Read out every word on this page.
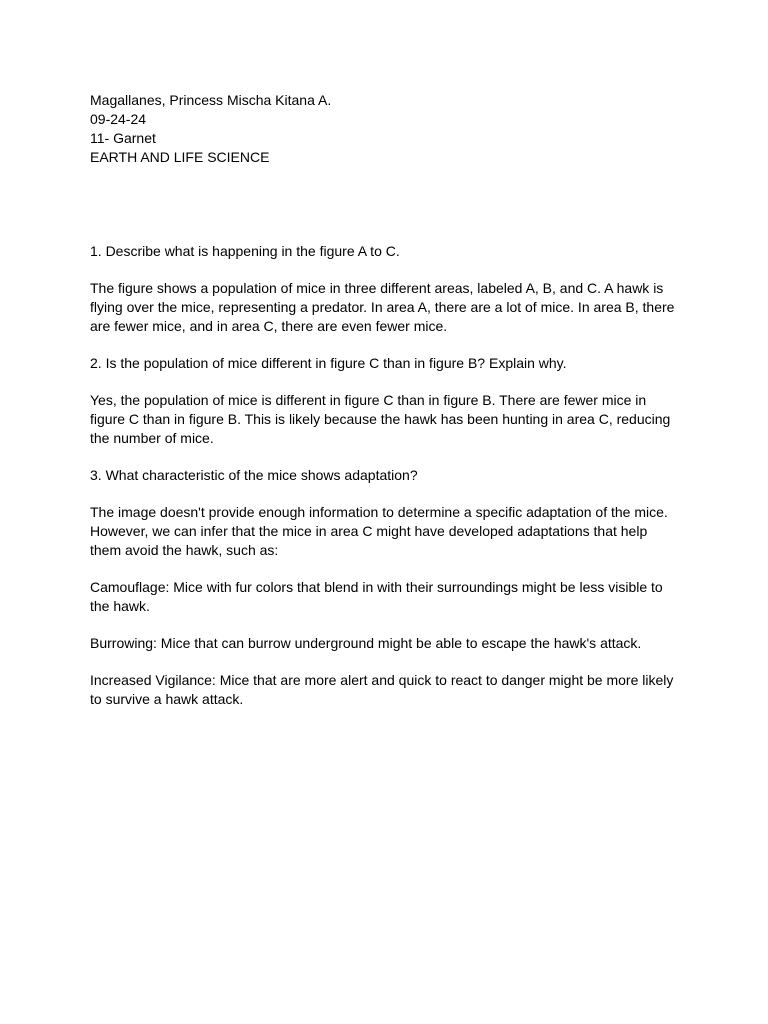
Magallanes, Princess Mischa Kitana A.
09-24-24
11- Garnet
EARTH AND LIFE SCIENCE

1. Describe what is happening in the figure A to C.

The figure shows a population of mice in three different areas, labeled A, B, and C. A hawk is flying over the mice, representing a predator. In area A, there are a lot of mice. In area B, there are fewer mice, and in area C, there are even fewer mice.

2. Is the population of mice different in figure C than in figure B? Explain why.

Yes, the population of mice is different in figure C than in figure B. There are fewer mice in figure C than in figure B. This is likely because the hawk has been hunting in area C, reducing the number of mice.

3. What characteristic of the mice shows adaptation?

The image doesn't provide enough information to determine a specific adaptation of the mice. However, we can infer that the mice in area C might have developed adaptations that help them avoid the hawk, such as:

Camouflage: Mice with fur colors that blend in with their surroundings might be less visible to the hawk.

Burrowing: Mice that can burrow underground might be able to escape the hawk's attack.

Increased Vigilance: Mice that are more alert and quick to react to danger might be more likely to survive a hawk attack.
